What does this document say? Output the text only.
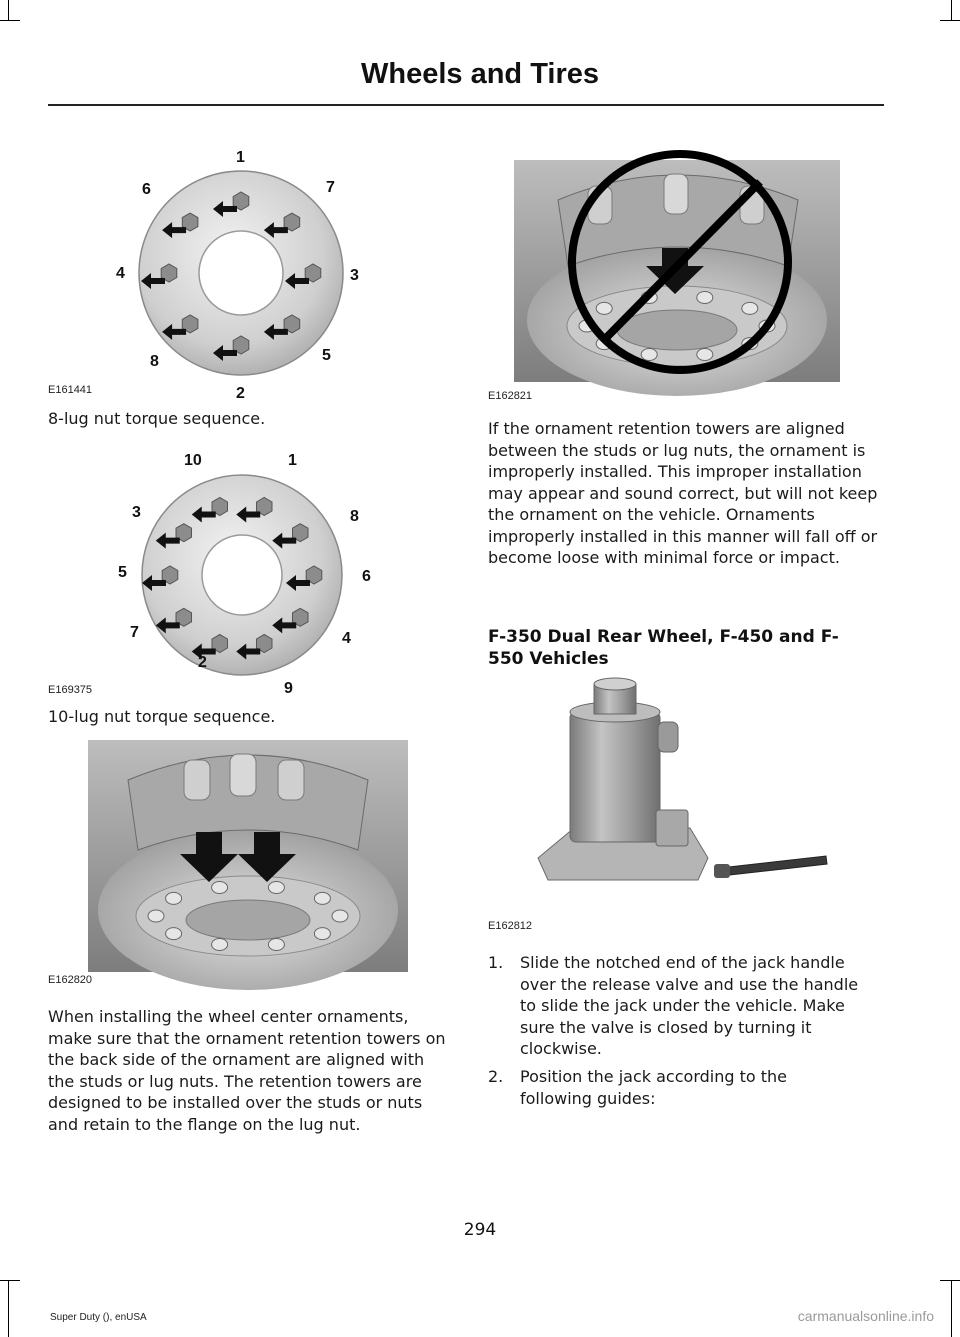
Wheels and Tires
1
7
3
5
2
8
4
6
E161441
8-lug nut torque sequence.
1
8
6
4
9
2
7
5
3
10
E169375
10-lug nut torque sequence.
E162820
When installing the wheel center ornaments, make sure that the ornament retention towers on the back side of the ornament are aligned with the studs or lug nuts. The retention towers are designed to be installed over the studs or nuts and retain to the flange on the lug nut.
E162821
If the ornament retention towers are aligned between the studs or lug nuts, the ornament is improperly installed. This improper installation may appear and sound correct, but will not keep the ornament on the vehicle. Ornaments improperly installed in this manner will fall off or become loose with minimal force or impact.
F-350 Dual Rear Wheel, F-450 and F-550 Vehicles
E162812
1. Slide the notched end of the jack handle over the release valve and use the handle to slide the jack under the vehicle. Make sure the valve is closed by turning it clockwise.
2. Position the jack according to the following guides:
294
Super Duty (), enUSA	carmanualsonline.info
